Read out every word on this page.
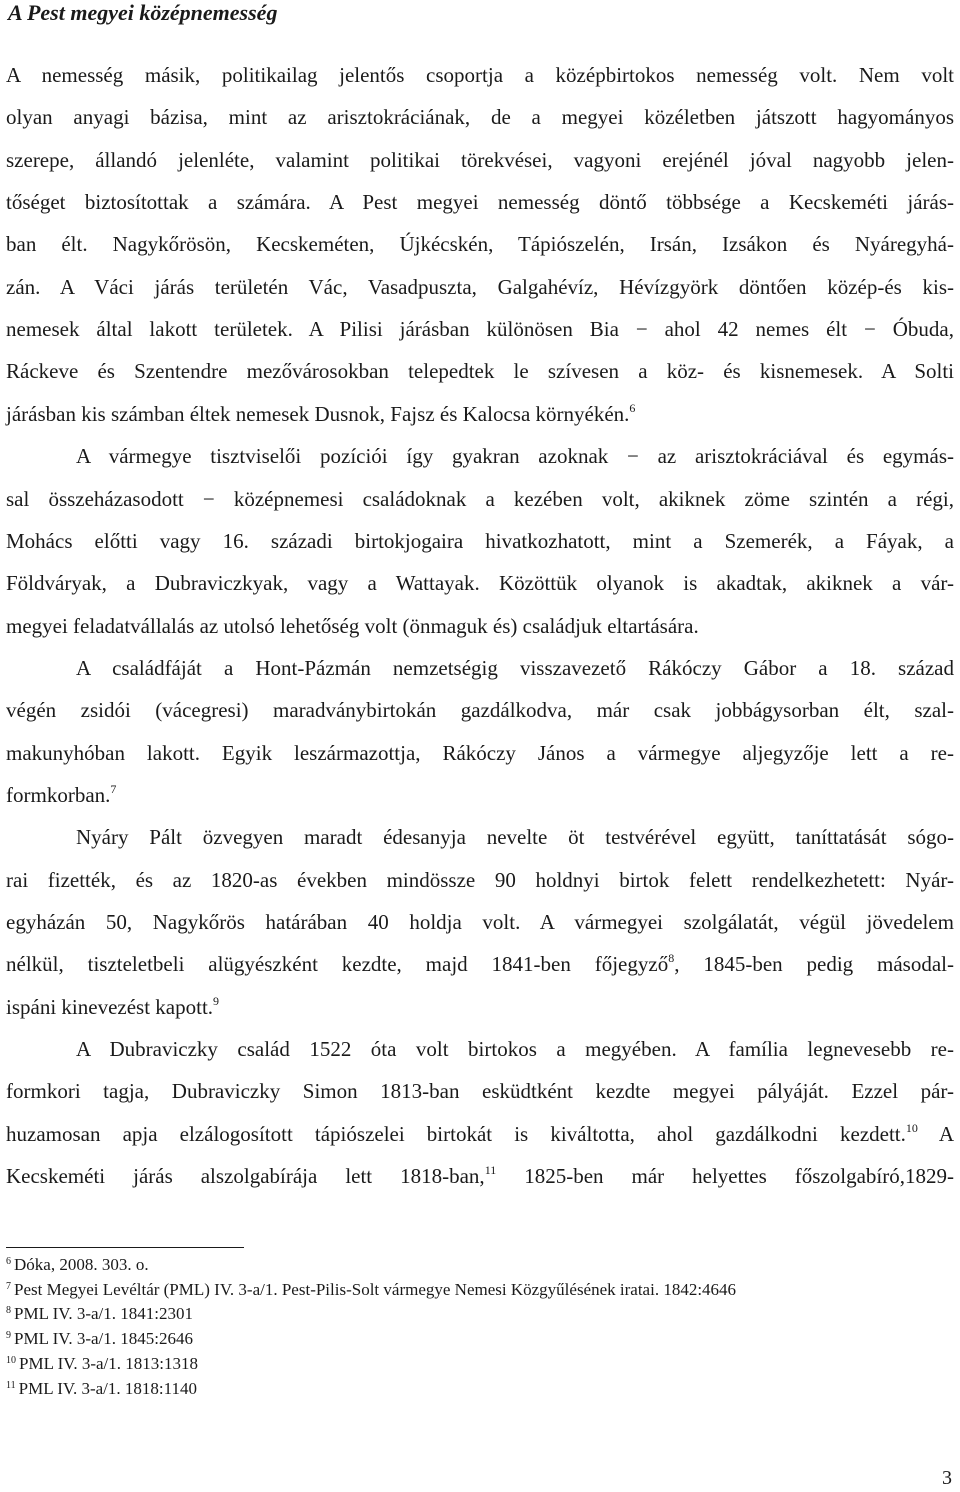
A Pest megyei középnemesség
A nemesség másik, politikailag jelentős csoportja a középbirtokos nemesség volt. Nem volt
olyan anyagi bázisa, mint az arisztokráciának, de a megyei közéletben játszott hagyományos
szerepe, állandó jelenléte, valamint politikai törekvései, vagyoni erejénél jóval nagyobb jelen-
tőséget biztosítottak a számára. A Pest megyei nemesség döntő többsége a Kecskeméti járás-
ban élt. Nagykőrösön, Kecskeméten, Újkécskén, Tápiószelén, Irsán, Izsákon és Nyáregyhá-
zán. A Váci járás területén Vác, Vasadpuszta, Galgahévíz, Hévízgyörk döntően közép-és kis-
nemesek által lakott területek. A Pilisi járásban különösen Bia − ahol 42 nemes élt − Óbuda,
Ráckeve és Szentendre mezővárosokban telepedtek le szívesen a köz- és kisnemesek. A Solti
járásban kis számban éltek nemesek Dusnok, Fajsz és Kalocsa környékén.$^6$
A vármegye tisztviselői pozíciói így gyakran azoknak − az arisztokráciával és egymás-
sal összeházasodott − középnemesi családoknak a kezében volt, akiknek zöme szintén a régi,
Mohács előtti vagy 16. századi birtokjogaira hivatkozhatott, mint a Szemerék, a Fáyak, a
Földváryak, a Dubraviczkyak, vagy a Wattayak. Közöttük olyanok is akadtak, akiknek a vár-
megyei feladatvállalás az utolsó lehetőség volt (önmaguk és) családjuk eltartására.
A családfáját a Hont-Pázmán nemzetségig visszavezető Rákóczy Gábor a 18. század
végén zsidói (vácegresi) maradványbirtokán gazdálkodva, már csak jobbágysorban élt, szal-
makunyhóban lakott. Egyik leszármazottja, Rákóczy János a vármegye aljegyzője lett a re-
formkorban.$^7$
Nyáry Pált özvegyen maradt édesanyja nevelte öt testvérével együtt, taníttatását sógo-
rai fizették, és az 1820-as években mindössze 90 holdnyi birtok felett rendelkezhetett: Nyár-
egyházán 50, Nagykőrös határában 40 holdja volt. A vármegyei szolgálatát, végül jövedelem
nélkül, tiszteletbeli alügyészként kezdte, majd 1841-ben főjegyző$^8$, 1845-ben pedig másodal-
ispáni kinevezést kapott.$^9$
A Dubraviczky család 1522 óta volt birtokos a megyében. A família legnevesebb re-
formkori tagja, Dubraviczky Simon 1813-ban esküdtként kezdte megyei pályáját. Ezzel pár-
huzamosan apja elzálogosított tápiószelei birtokát is kiváltotta, ahol gazdálkodni kezdett.$^{10}$ A
Kecskeméti járás alszolgabírája lett 1818-ban,$^{11}$ 1825-ben már helyettes főszolgabíró,1829-
$^6$ Dóka, 2008. 303. o.
$^7$ Pest Megyei Levéltár (PML) IV. 3-a/1. Pest-Pilis-Solt vármegye Nemesi Közgyűlésének iratai. 1842:4646
$^8$ PML IV. 3-a/1. 1841:2301
$^9$ PML IV. 3-a/1. 1845:2646
$^{10}$ PML IV. 3-a/1. 1813:1318
$^{11}$ PML IV. 3-a/1. 1818:1140
3
